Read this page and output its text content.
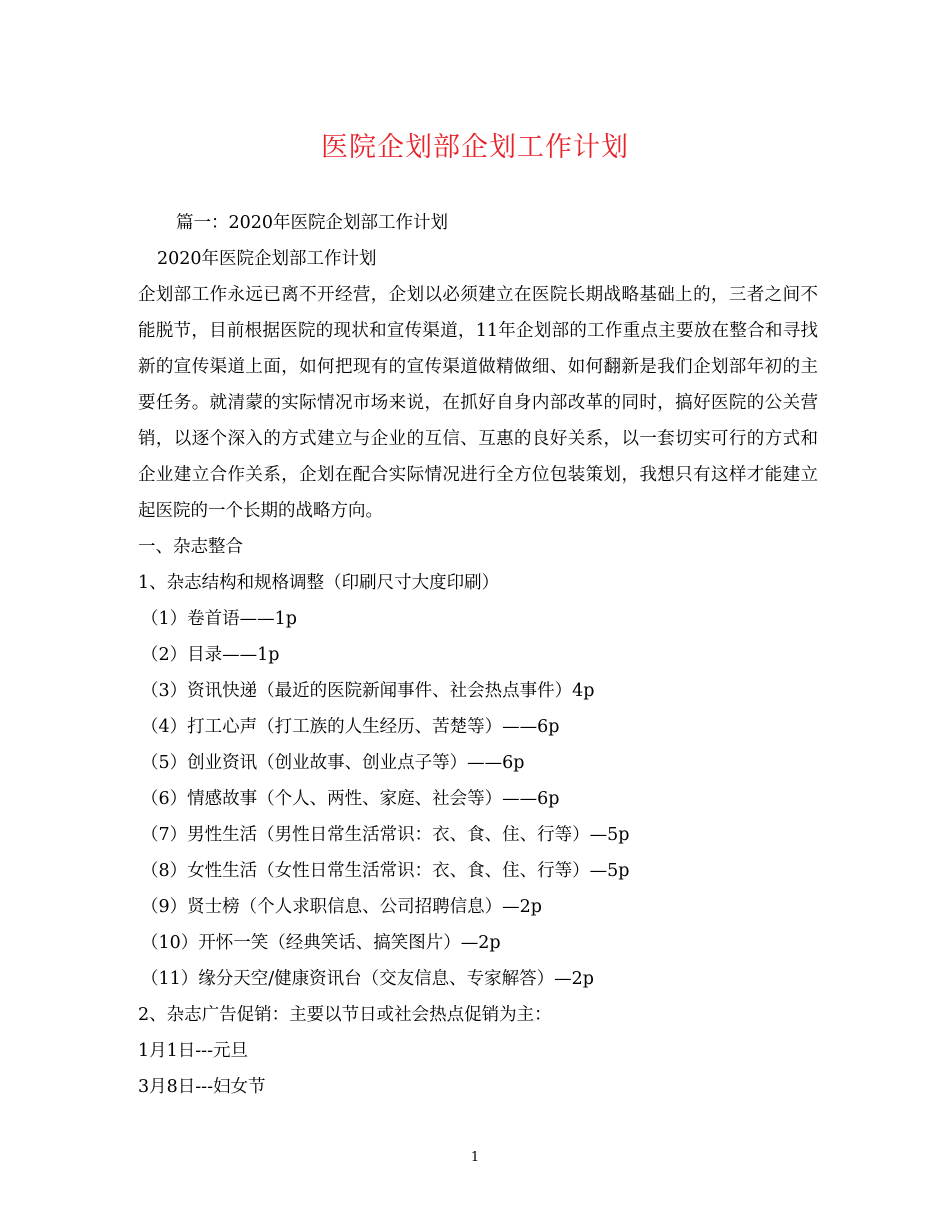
医院企划部企划工作计划
篇一：2020年医院企划部工作计划
2020年医院企划部工作计划
企划部工作永远已离不开经营，企划以必须建立在医院长期战略基础上的，三者之间不能脱节，目前根据医院的现状和宣传渠道，11年企划部的工作重点主要放在整合和寻找新的宣传渠道上面，如何把现有的宣传渠道做精做细、如何翻新是我们企划部年初的主要任务。就清蒙的实际情况市场来说，在抓好自身内部改革的同时，搞好医院的公关营销，以逐个深入的方式建立与企业的互信、互惠的良好关系，以一套切实可行的方式和企业建立合作关系，企划在配合实际情况进行全方位包装策划，我想只有这样才能建立起医院的一个长期的战略方向。
一、杂志整合
1、杂志结构和规格调整（印刷尺寸大度印刷）
（1）卷首语——1p
（2）目录——1p
（3）资讯快递（最近的医院新闻事件、社会热点事件）4p
（4）打工心声（打工族的人生经历、苦楚等）——6p
（5）创业资讯（创业故事、创业点子等）——6p
（6）情感故事（个人、两性、家庭、社会等）——6p
（7）男性生活（男性日常生活常识：衣、食、住、行等）—5p
（8）女性生活（女性日常生活常识：衣、食、住、行等）—5p
（9）贤士榜（个人求职信息、公司招聘信息）—2p
（10）开怀一笑（经典笑话、搞笑图片）—2p
（11）缘分天空/健康资讯台（交友信息、专家解答）—2p
2、杂志广告促销：主要以节日或社会热点促销为主：
1月1日---元旦
3月8日---妇女节
1
